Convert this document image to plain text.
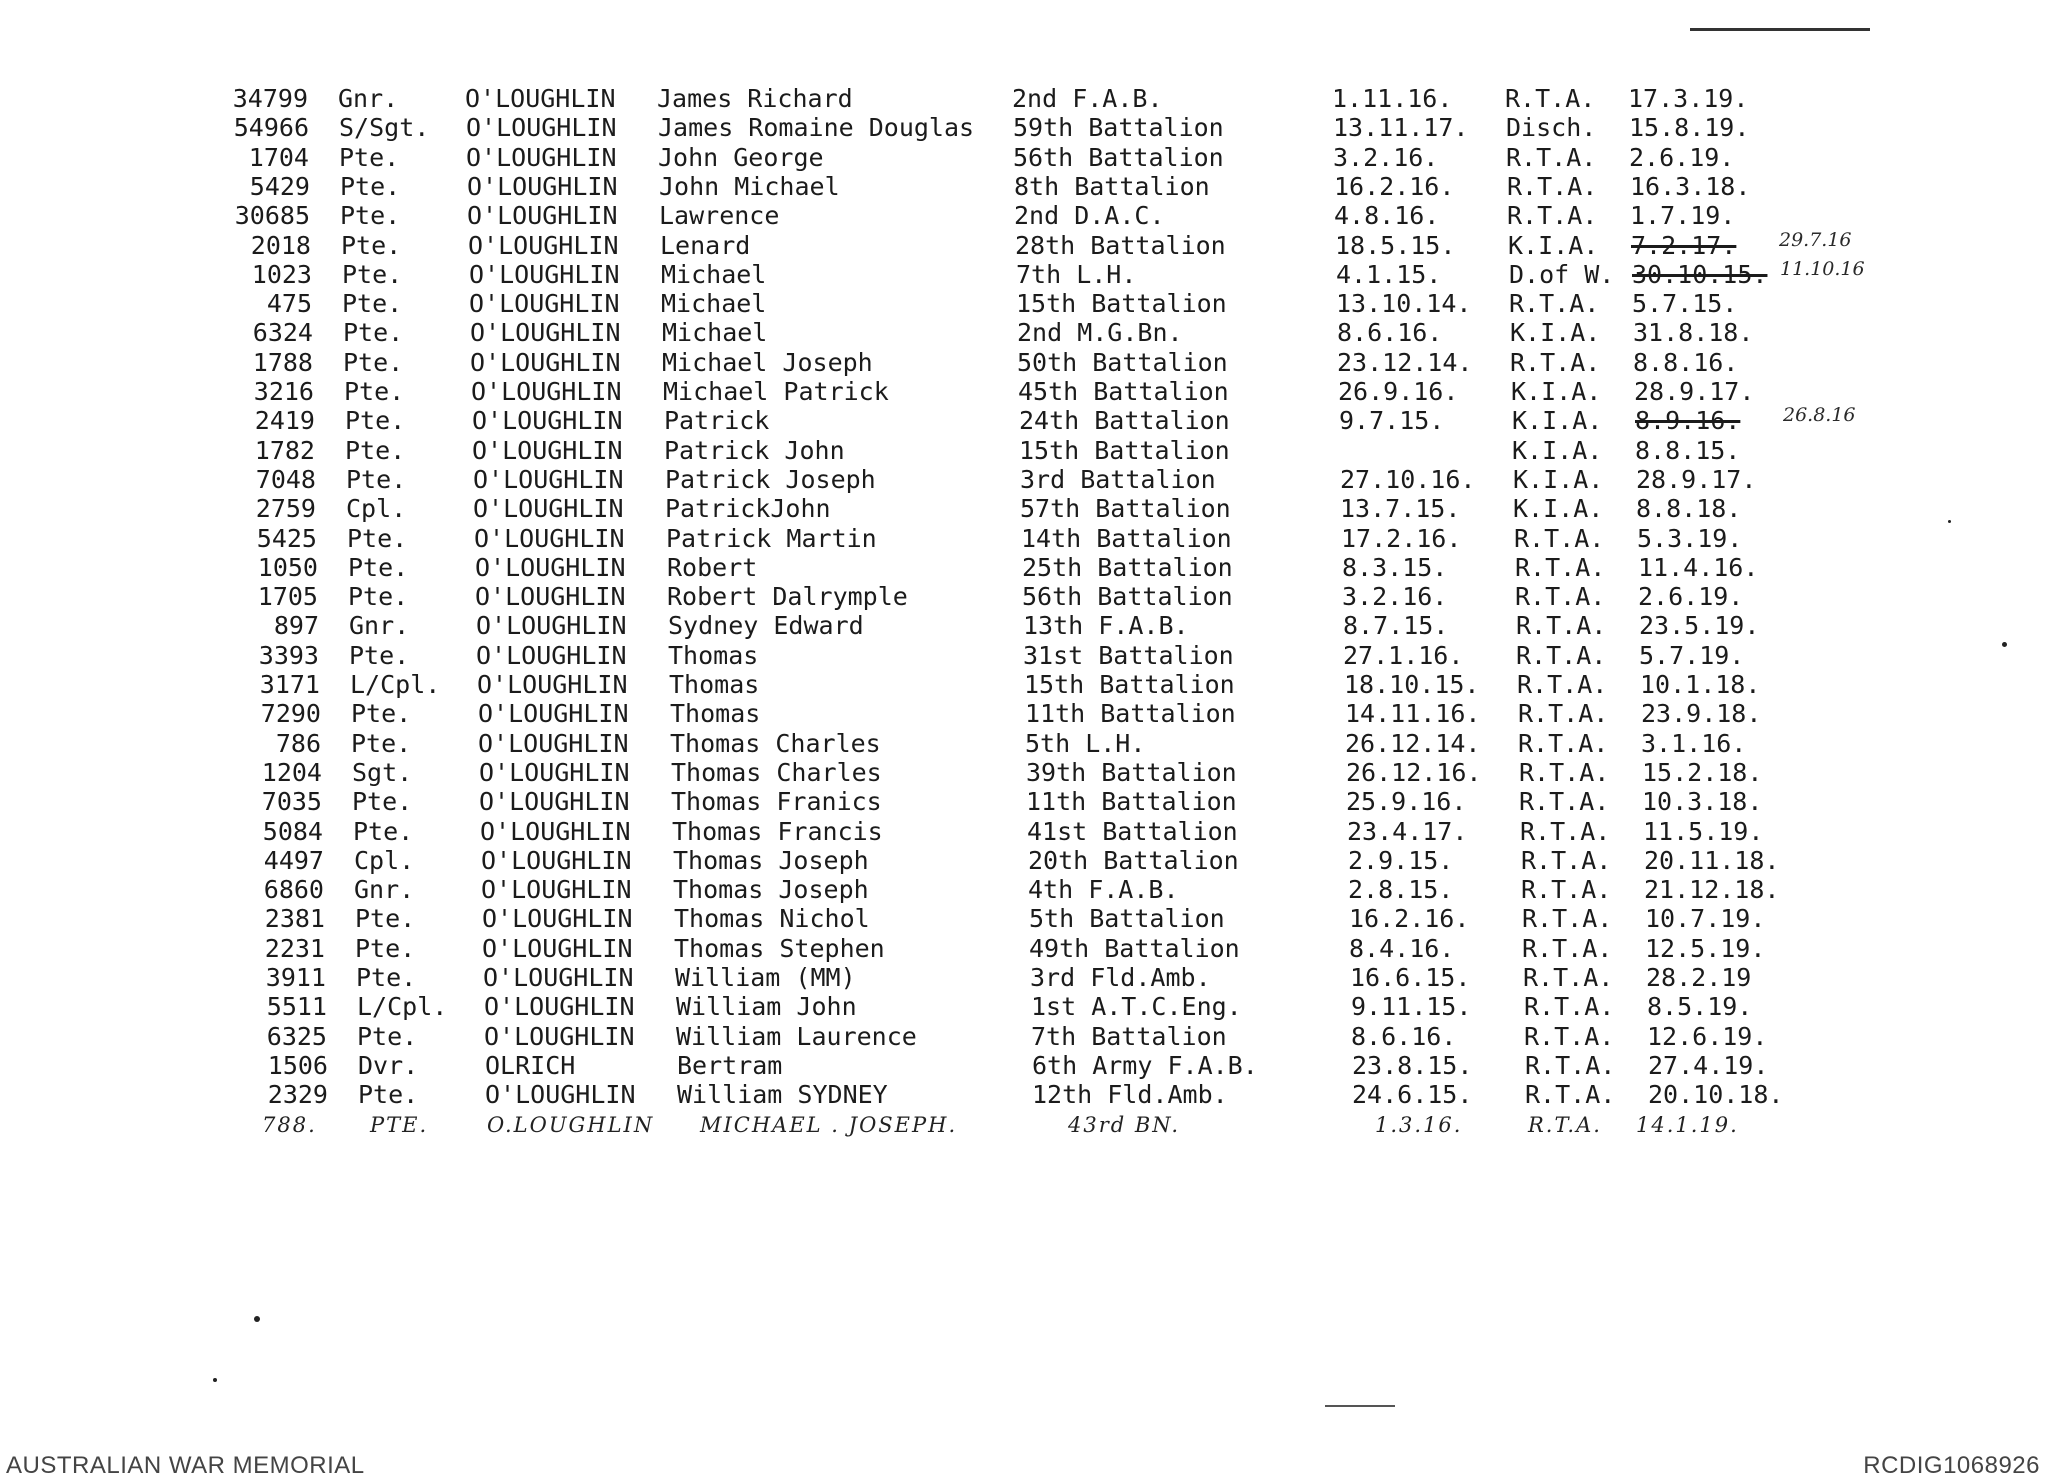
34799 Gnr.	O'LOUGHLIN James Richard	2nd F.A.B.	1.11.16. R.T.A. 17.3.19.
54966 S/Sgt. O'LOUGHLIN James Romaine Douglas 59th Battalion	13.11.17. Disch. 15.8.19.
1704 Pte.	O'LOUGHLIN John George	56th Battalion	3.2.16.	R.T.A. 2.6.19.
5429 Pte.	O'LOUGHLIN John Michael	8th Battalion	16.2.16. R.T.A. 16.3.18.
30685 Pte.	O'LOUGHLIN Lawrence	2nd D.A.C.	4.8.16.	R.T.A. 1.7.19.
2018 Pte.	O'LOUGHLIN Lenard	28th Battalion	18.5.15. K.I.A. 7.2.17. 29.7.16
1023 Pte.	O'LOUGHLIN Michael	7th L.H.	4.1.15.	D.of W. 30.10.15. 11.10.16
475 Pte.	O'LOUGHLIN Michael	15th Battalion	13.10.14. R.T.A. 5.7.15.
6324 Pte.	O'LOUGHLIN Michael	2nd M.G.Bn.	8.6.16.	K.I.A. 31.8.18.
1788 Pte.	O'LOUGHLIN Michael Joseph	50th Battalion	23.12.14. R.T.A. 8.8.16.
3216 Pte.	O'LOUGHLIN Michael Patrick	45th Battalion	26.9.16. K.I.A. 28.9.17.
2419 Pte.	O'LOUGHLIN Patrick	24th Battalion	9.7.15.	K.I.A. 8.9.16. 26.8.16
1782 Pte.	O'LOUGHLIN Patrick John	15th Battalion	K.I.A. 8.8.15.
7048 Pte.	O'LOUGHLIN Patrick Joseph	3rd Battalion	27.10.16. K.I.A. 28.9.17.
2759 Cpl.	O'LOUGHLIN PatrickJohn	57th Battalion	13.7.15. K.I.A. 8.8.18.
5425 Pte.	O'LOUGHLIN Patrick Martin	14th Battalion	17.2.16. R.T.A. 5.3.19.
1050 Pte.	O'LOUGHLIN Robert	25th Battalion	8.3.15.	R.T.A. 11.4.16.
1705 Pte.	O'LOUGHLIN Robert Dalrymple	56th Battalion	3.2.16.	R.T.A. 2.6.19.
897 Gnr.	O'LOUGHLIN Sydney Edward	13th F.A.B.	8.7.15.	R.T.A. 23.5.19.
3393 Pte.	O'LOUGHLIN Thomas	31st Battalion	27.1.16. R.T.A. 5.7.19.
3171 L/Cpl. O'LOUGHLIN Thomas	15th Battalion	18.10.15. R.T.A. 10.1.18.
7290 Pte.	O'LOUGHLIN Thomas	11th Battalion	14.11.16. R.T.A. 23.9.18.
786 Pte.	O'LOUGHLIN Thomas Charles	5th L.H.	26.12.14. R.T.A. 3.1.16.
1204 Sgt.	O'LOUGHLIN Thomas Charles	39th Battalion	26.12.16. R.T.A. 15.2.18.
7035 Pte.	O'LOUGHLIN Thomas Franics	11th Battalion	25.9.16. R.T.A. 10.3.18.
5084 Pte.	O'LOUGHLIN Thomas Francis	41st Battalion	23.4.17. R.T.A. 11.5.19.
4497 Cpl.	O'LOUGHLIN Thomas Joseph	20th Battalion	2.9.15.	R.T.A. 20.11.18.
6860 Gnr.	O'LOUGHLIN Thomas Joseph	4th F.A.B.	2.8.15.	R.T.A. 21.12.18.
2381 Pte.	O'LOUGHLIN Thomas Nichol	5th Battalion	16.2.16. R.T.A. 10.7.19.
2231 Pte.	O'LOUGHLIN Thomas Stephen	49th Battalion	8.4.16.	R.T.A. 12.5.19.
3911 Pte.	O'LOUGHLIN William (MM)	3rd Fld.Amb.	16.6.15. R.T.A. 28.2.19
5511 L/Cpl. O'LOUGHLIN William John	1st A.T.C.Eng.	9.11.15. R.T.A. 8.5.19.
6325 Pte.	O'LOUGHLIN William Laurence	7th Battalion	8.6.16.	R.T.A. 12.6.19.
1506 Dvr.	OLRICH	Bertram	6th Army F.A.B.	23.8.15. R.T.A. 27.4.19.
2329 Pte.	O'LOUGHLIN William SYDNEY	12th Fld.Amb.	24.6.15. R.T.A. 20.10.18.
788.	PTE.	O.LOUGHLIN MICHAEL . JOSEPH.	43rd BN.	1.3.16.	R.T.A. 14.1.19.
AUSTRALIAN WAR MEMORIAL	RCDIG1068926
